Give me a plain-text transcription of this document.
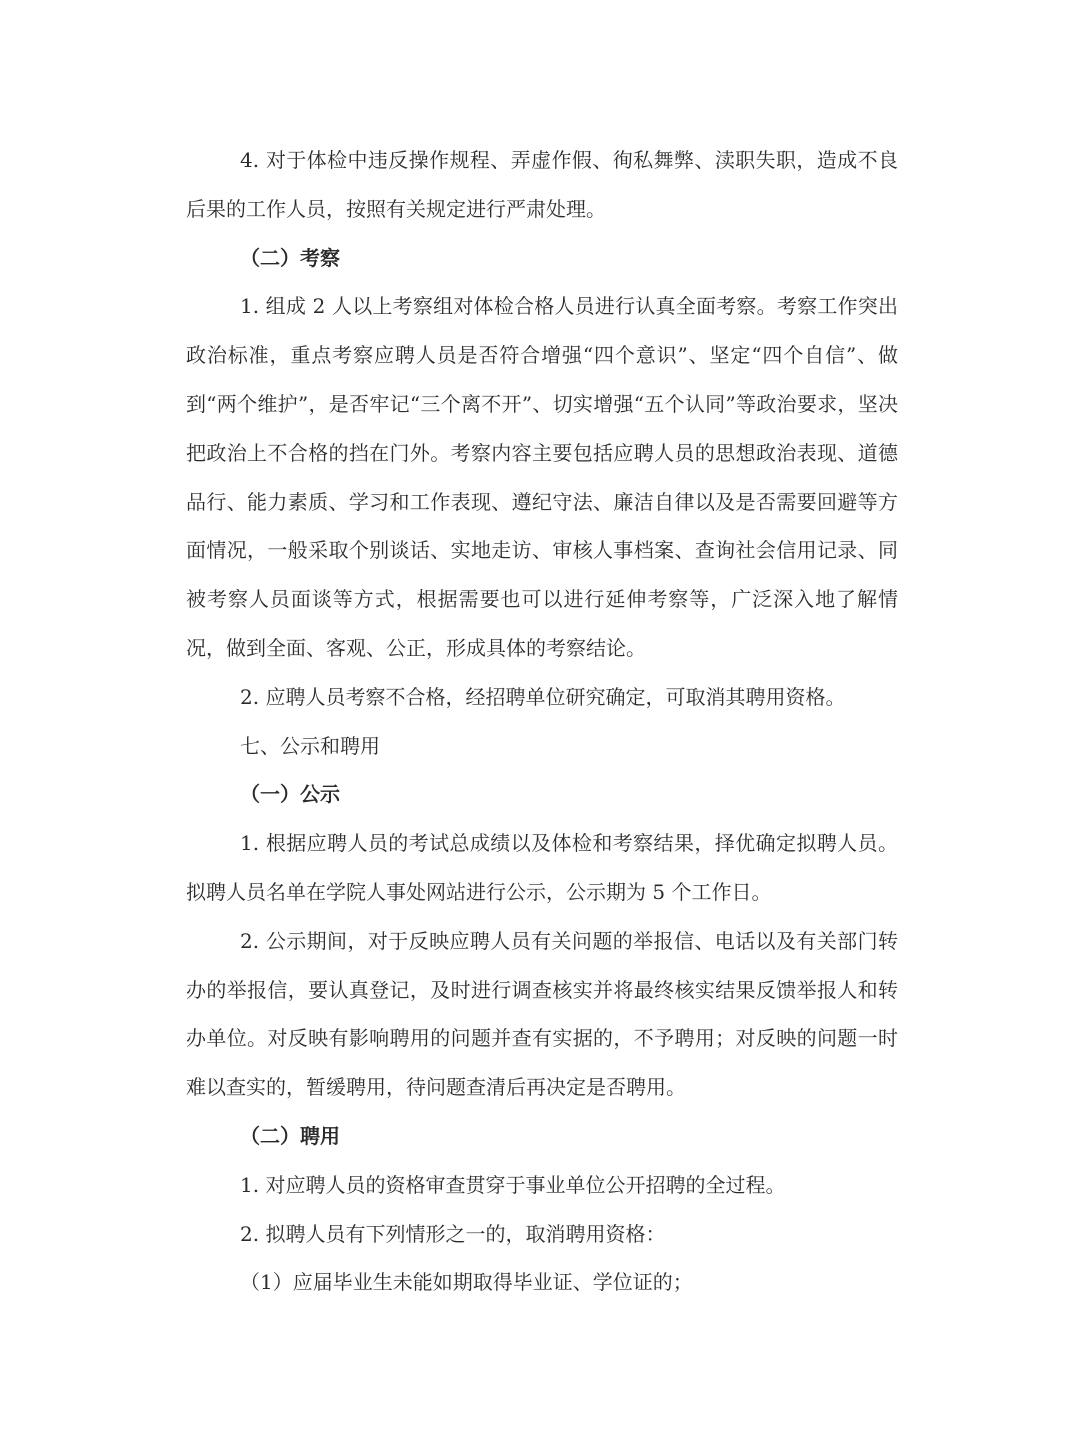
4. 对于体检中违反操作规程、弄虚作假、徇私舞弊、渎职失职，造成不良后果的工作人员，按照有关规定进行严肃处理。

（二）考察

1. 组成 2 人以上考察组对体检合格人员进行认真全面考察。考察工作突出政治标准，重点考察应聘人员是否符合增强“四个意识”、坚定“四个自信”、做到“两个维护”，是否牢记“三个离不开”、切实增强“五个认同”等政治要求，坚决把政治上不合格的挡在门外。考察内容主要包括应聘人员的思想政治表现、道德品行、能力素质、学习和工作表现、遵纪守法、廉洁自律以及是否需要回避等方面情况，一般采取个别谈话、实地走访、审核人事档案、查询社会信用记录、同被考察人员面谈等方式，根据需要也可以进行延伸考察等，广泛深入地了解情况，做到全面、客观、公正，形成具体的考察结论。

2. 应聘人员考察不合格，经招聘单位研究确定，可取消其聘用资格。

七、公示和聘用

（一）公示

1. 根据应聘人员的考试总成绩以及体检和考察结果，择优确定拟聘人员。拟聘人员名单在学院人事处网站进行公示，公示期为 5 个工作日。

2. 公示期间，对于反映应聘人员有关问题的举报信、电话以及有关部门转办的举报信，要认真登记，及时进行调查核实并将最终核实结果反馈举报人和转办单位。对反映有影响聘用的问题并查有实据的，不予聘用；对反映的问题一时难以查实的，暂缓聘用，待问题查清后再决定是否聘用。

（二）聘用

1. 对应聘人员的资格审查贯穿于事业单位公开招聘的全过程。

2. 拟聘人员有下列情形之一的，取消聘用资格：

（1）应届毕业生未能如期取得毕业证、学位证的；
